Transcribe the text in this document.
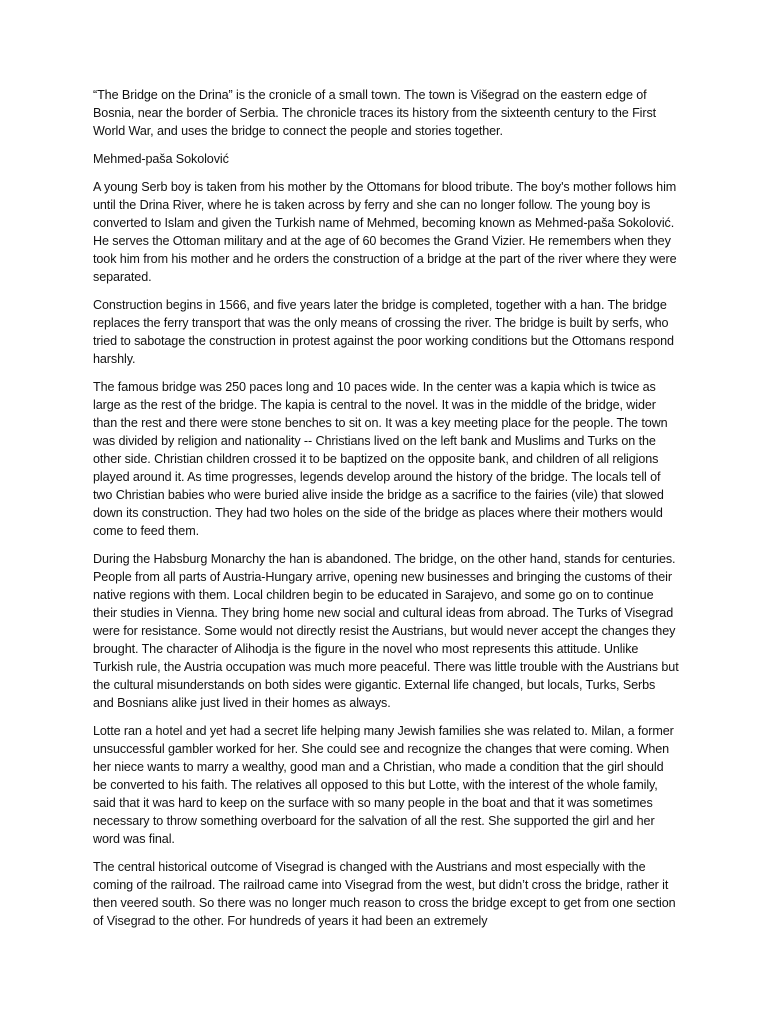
“The Bridge on the Drina” is the cronicle of a small town. The town is Višegrad on the eastern edge of Bosnia, near the border of Serbia. The chronicle traces its history from the sixteenth century to the First World War, and uses the bridge to connect the people and stories together.

Mehmed-paša Sokolović

A young Serb boy is taken from his mother by the Ottomans for blood tribute. The boy's mother follows him until the Drina River, where he is taken across by ferry and she can no longer follow. The young boy is converted to Islam and given the Turkish name of Mehmed, becoming known as Mehmed-paša Sokolović. He serves the Ottoman military and at the age of 60 becomes the Grand Vizier. He remembers when they took him from his mother and he orders the construction of a bridge at the part of the river where they were separated.

Construction begins in 1566, and five years later the bridge is completed, together with a han. The bridge replaces the ferry transport that was the only means of crossing the river. The bridge is built by serfs, who tried to sabotage the construction in protest against the poor working conditions but the Ottomans respond harshly.

The famous bridge was 250 paces long and 10 paces wide. In the center was a kapia which is twice as large as the rest of the bridge. The kapia is central to the novel. It was in the middle of the bridge, wider than the rest and there were stone benches to sit on. It was a key meeting place for the people. The town was divided by religion and nationality -- Christians lived on the left bank and Muslims and Turks on the other side. Christian children crossed it to be baptized on the opposite bank, and children of all religions played around it. As time progresses, legends develop around the history of the bridge. The locals tell of two Christian babies who were buried alive inside the bridge as a sacrifice to the fairies (vile) that slowed down its construction. They had two holes on the side of the bridge as places where their mothers would come to feed them.

During the Habsburg Monarchy the han is abandoned. The bridge, on the other hand, stands for centuries. People from all parts of Austria-Hungary arrive, opening new businesses and bringing the customs of their native regions with them. Local children begin to be educated in Sarajevo, and some go on to continue their studies in Vienna. They bring home new social and cultural ideas from abroad. The Turks of Visegrad were for resistance. Some would not directly resist the Austrians, but would never accept the changes they brought. The character of Alihodja is the figure in the novel who most represents this attitude. Unlike Turkish rule, the Austria occupation was much more peaceful. There was little trouble with the Austrians but the cultural misunderstands on both sides were gigantic. External life changed, but locals, Turks, Serbs and Bosnians alike just lived in their homes as always.

Lotte ran a hotel and yet had a secret life helping many Jewish families she was related to. Milan, a former unsuccessful gambler worked for her. She could see and recognize the changes that were coming. When her niece wants to marry a wealthy, good man and a Christian, who made a condition that the girl should be converted to his faith. The relatives all opposed to this but Lotte, with the interest of the whole family, said that it was hard to keep on the surface with so many people in the boat and that it was sometimes necessary to throw something overboard for the salvation of all the rest. She supported the girl and her word was final.

The central historical outcome of Visegrad is changed with the Austrians and most especially with the coming of the railroad. The railroad came into Visegrad from the west, but didn’t cross the bridge, rather it then veered south. So there was no longer much reason to cross the bridge except to get from one section of Visegrad to the other. For hundreds of years it had been an extremely
